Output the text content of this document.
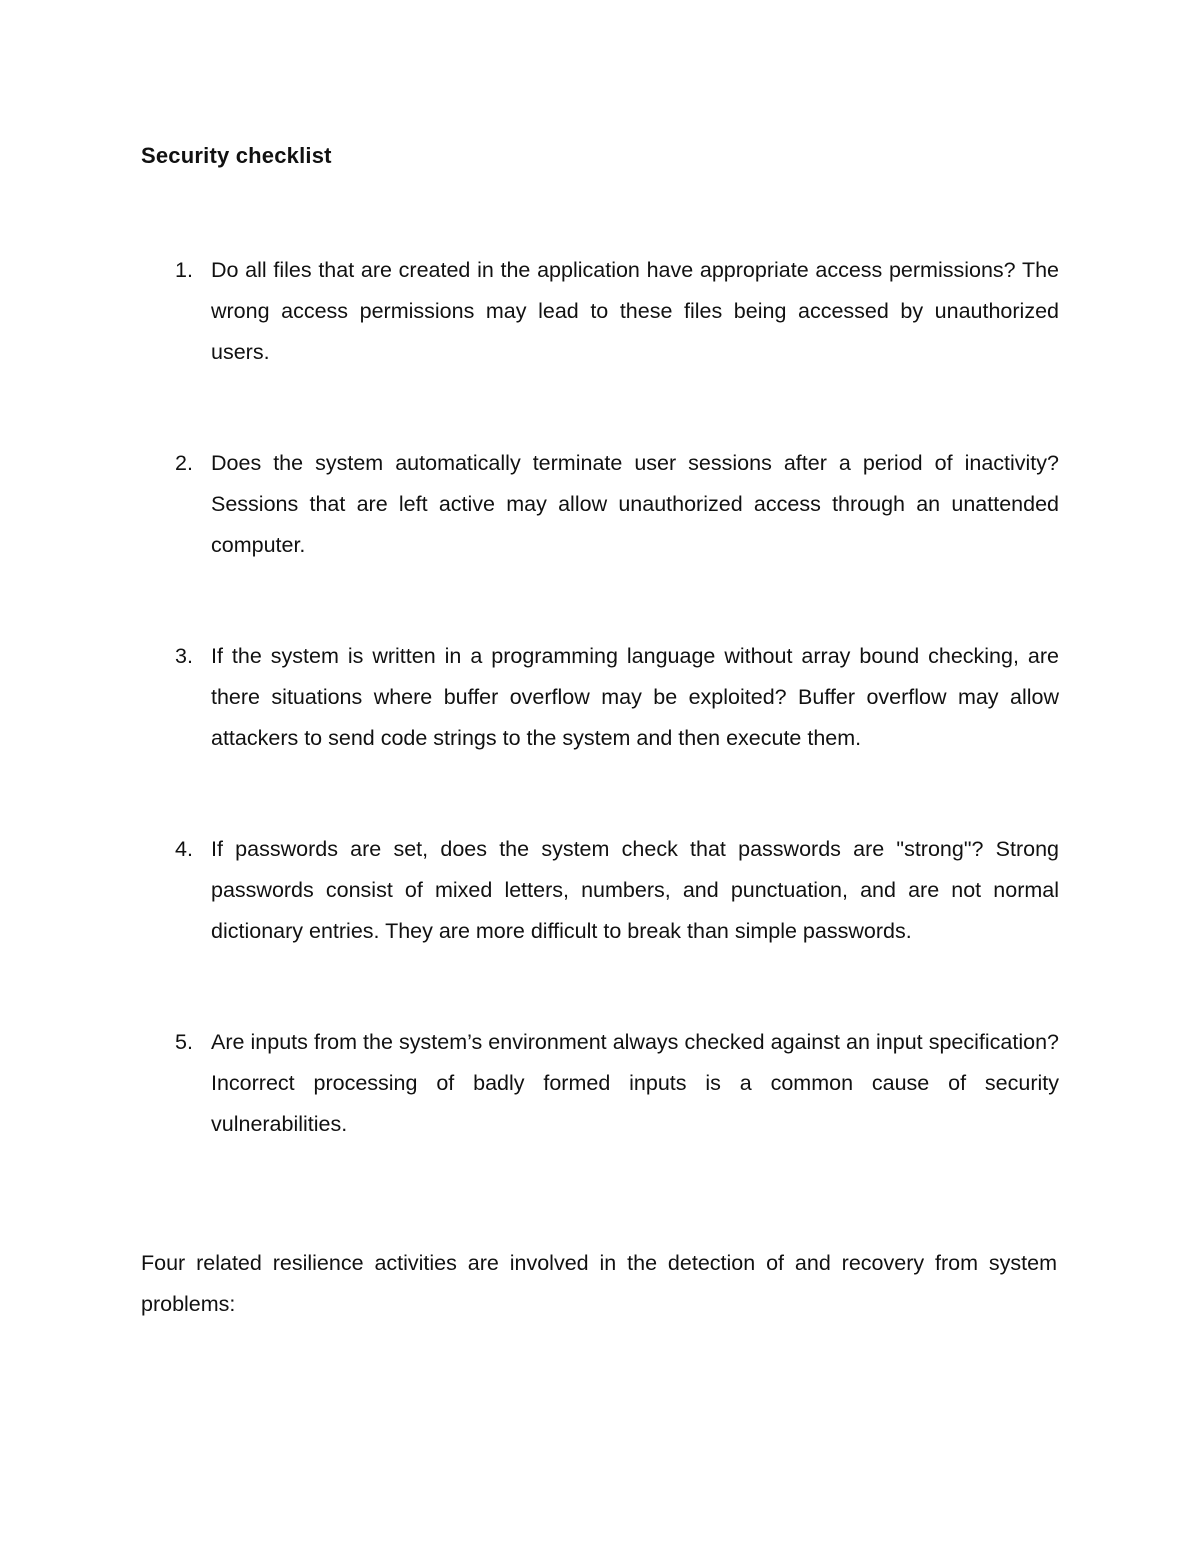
Security checklist
1. Do all files that are created in the application have appropriate access permissions? The wrong access permissions may lead to these files being accessed by unauthorized users.
2. Does the system automatically terminate user sessions after a period of inactivity? Sessions that are left active may allow unauthorized access through an unattended computer.
3. If the system is written in a programming language without array bound checking, are there situations where buffer overflow may be exploited? Buffer overflow may allow attackers to send code strings to the system and then execute them.
4. If passwords are set, does the system check that passwords are "strong"? Strong passwords consist of mixed letters, numbers, and punctuation, and are not normal dictionary entries. They are more difficult to break than simple passwords.
5. Are inputs from the system’s environment always checked against an input specification? Incorrect processing of badly formed inputs is a common cause of security vulnerabilities.

Four related resilience activities are involved in the detection of and recovery from system problems:
